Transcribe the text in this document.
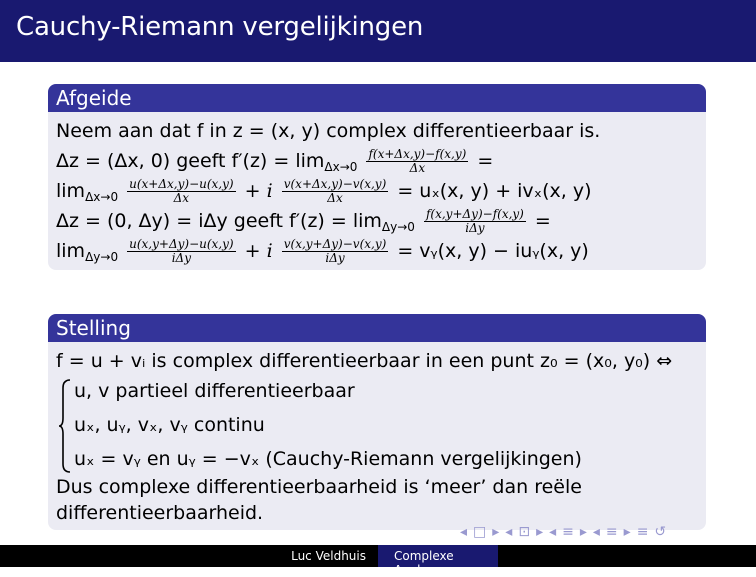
Cauchy-Riemann vergelijkingen
Afgeide
Neem aan dat f in z = (x, y) complex differentieerbaar is.
Δz = (Δx, 0) geeft $f'(z) = \lim_{\Delta x\to 0} \frac{f(x+\Delta x,y)-f(x,y)}{\Delta x}$ =
$\lim_{\Delta x\to 0} \frac{u(x+\Delta x,y)-u(x,y)}{\Delta x} + i \frac{v(x+\Delta x,y)-v(x,y)}{\Delta x} = u_x(x$, y) + ivₓ(x, y)
Δz = (0, Δy) = iΔy geeft $f'(z) = \lim_{\Delta y\to 0} \frac{f(x,y+\Delta y)-f(x,y)}{\text{iΔy}}$ =
$\lim_{\Delta y\to 0} \frac{u(x,y+\Delta y)-u(x,y)}{\text{iΔy}} + i \frac{v(x,y+\Delta y)-v(x,y)}{\text{iΔy}}$ = vᵧ(x, y) − iuᵧ(x, y)
Stelling
f = u + vᵢ is complex differentieerbaar in een punt z₀ = (x₀, y₀) ⇔
u, v partieel differentieerbaar
uₓ, uᵧ, vₓ, vᵧ continu
uₓ = vᵧ en uᵧ = −vₓ (Cauchy-Riemann vergelijkingen)
Dus complexe differentieerbaarheid is ‘meer’ dan reële
differentieerbaarheid.
◂ □ ▸ ◂ ⊡ ▸ ◂ ≡ ▸ ◂ ≡ ▸ ≡ ↺
Luc Veldhuis Complexe Analyse
